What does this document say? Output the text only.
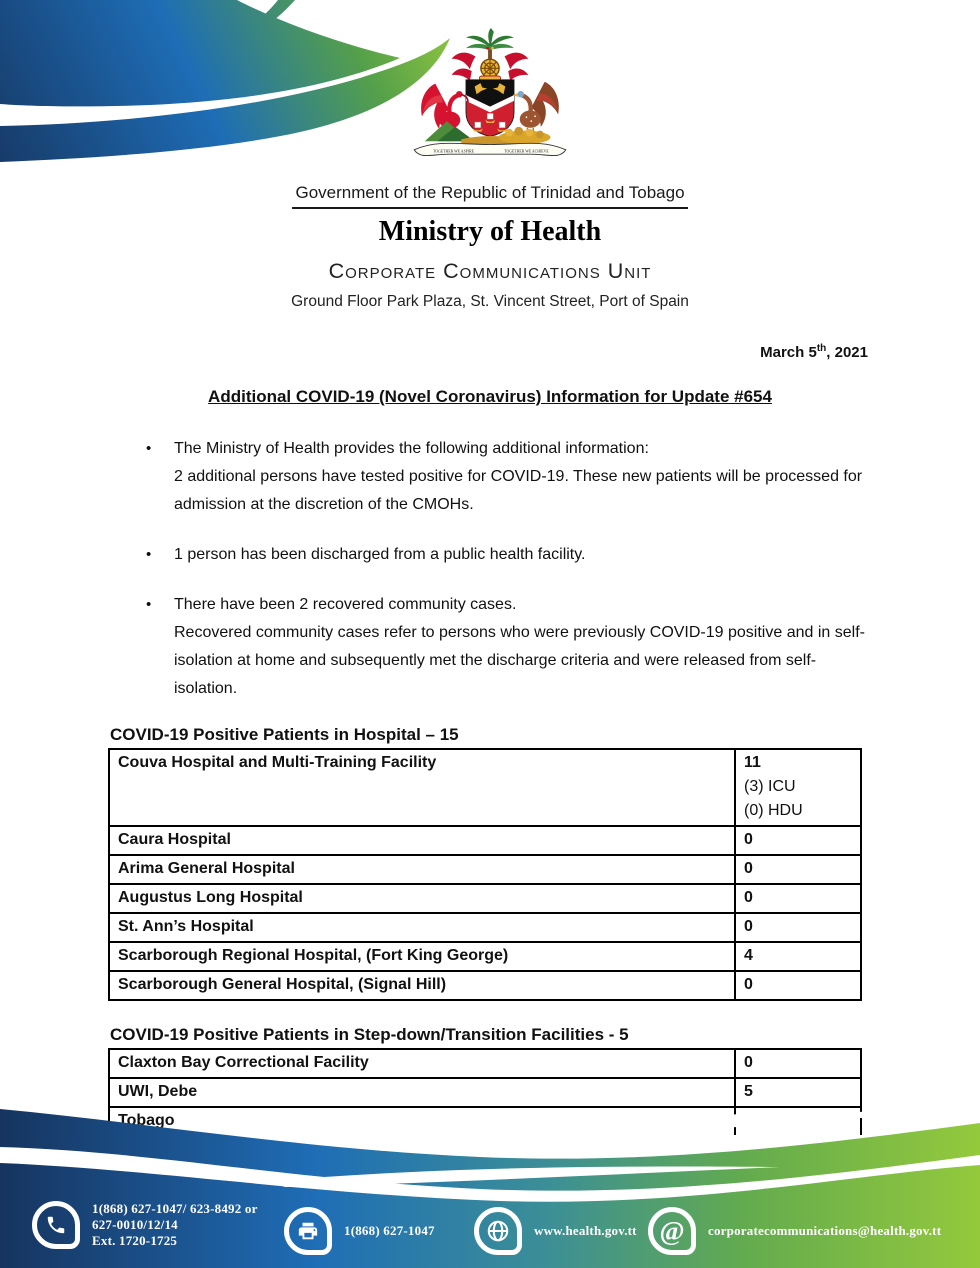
TOGETHER WE ASPIRE	TOGETHER WE ACHIEVE
Government of the Republic of Trinidad and Tobago
Ministry of Health
Corporate Communications Unit
Ground Floor Park Plaza, St. Vincent Street, Port of Spain
March 5th, 2021
Additional COVID-19 (Novel Coronavirus) Information for Update #654
•	The Ministry of Health provides the following additional information:
2 additional persons have tested positive for COVID-19. These new patients will be processed for admission at the discretion of the CMOHs.
•	1 person has been discharged from a public health facility.
•	There have been 2 recovered community cases.
Recovered community cases refer to persons who were previously COVID-19 positive and in self-isolation at home and subsequently met the discharge criteria and were released from self-isolation.
COVID-19 Positive Patients in Hospital – 15
Couva Hospital and Multi-Training Facility	11
(3) ICU
(0) HDU

Caura Hospital	0

Arima General Hospital	0

Augustus Long Hospital	0

St. Ann’s Hospital	0

Scarborough Regional Hospital, (Fort King George)	4

Scarborough General Hospital, (Signal Hill)	0
COVID-19 Positive Patients in Step-down/Transition Facilities - 5
Claxton Bay Correctional Facility	0

UWI, Debe	5

Tobago	
1(868) 627-1047/ 623-8492 or
627-0010/12/14
Ext. 1720-1725
1(868) 627-1047	www.health.gov.tt @ corporatecommunications@health.gov.tt
